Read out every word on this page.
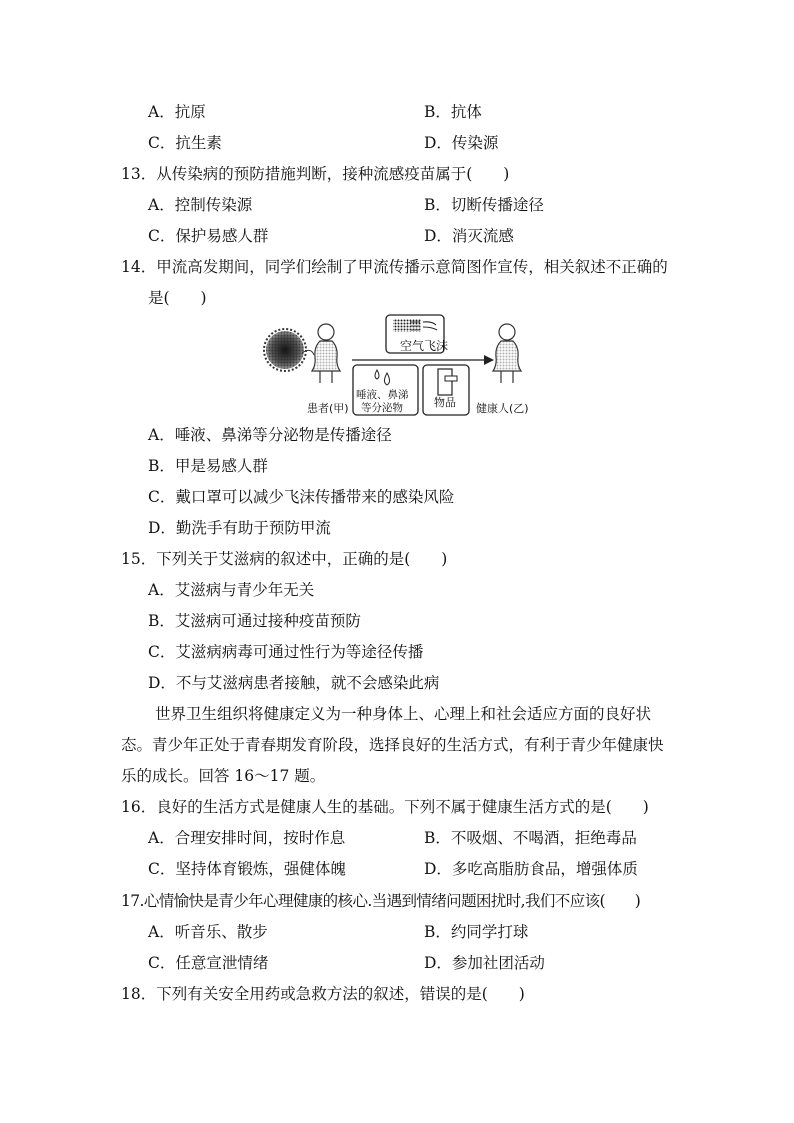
A．抗原	B．抗体
C．抗生素	D．传染源
13．从传染病的预防措施判断，接种流感疫苗属于(　　)
A．控制传染源	B．切断传播途径
C．保护易感人群	D．消灭流感
14．甲流高发期间，同学们绘制了甲流传播示意简图作宣传，相关叙述不正确的
是(　　)
空气飞沫
唾液、鼻涕
等分泌物	物品
患者(甲)	健康人(乙)
A．唾液、鼻涕等分泌物是传播途径
B．甲是易感人群
C．戴口罩可以减少飞沫传播带来的感染风险
D．勤洗手有助于预防甲流
15．下列关于艾滋病的叙述中，正确的是(　　)
A．艾滋病与青少年无关
B．艾滋病可通过接种疫苗预防
C．艾滋病病毒可通过性行为等途径传播
D．不与艾滋病患者接触，就不会感染此病
世界卫生组织将健康定义为一种身体上、心理上和社会适应方面的良好状
态。青少年正处于青春期发育阶段，选择良好的生活方式，有利于青少年健康快
乐的成长。回答 16～17 题。
16．良好的生活方式是健康人生的基础。下列不属于健康生活方式的是(　　)
A．合理安排时间，按时作息	B．不吸烟、不喝酒，拒绝毒品
C．坚持体育锻炼，强健体魄	D．多吃高脂肪食品，增强体质
17.心情愉快是青少年心理健康的核心.当遇到情绪问题困扰时,我们不应该(　　)
A．听音乐、散步	B．约同学打球
C．任意宣泄情绪	D．参加社团活动
18．下列有关安全用药或急救方法的叙述，错误的是(　　)
